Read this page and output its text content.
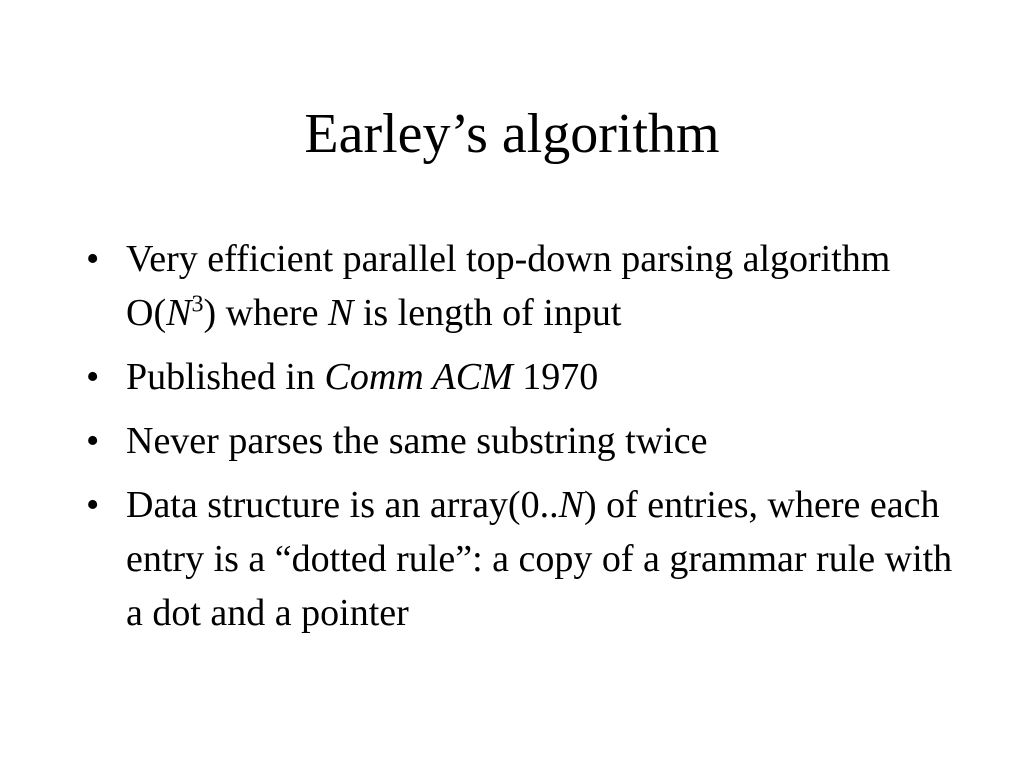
Earley’s algorithm
• Very efficient parallel top-down parsing algorithm $O(N^3)$ where N is length of input
• Published in Comm ACM 1970
• Never parses the same substring twice
• Data structure is an array(0..N) of entries, where each entry is a “dotted rule”: a copy of a grammar rule with a dot and a pointer
